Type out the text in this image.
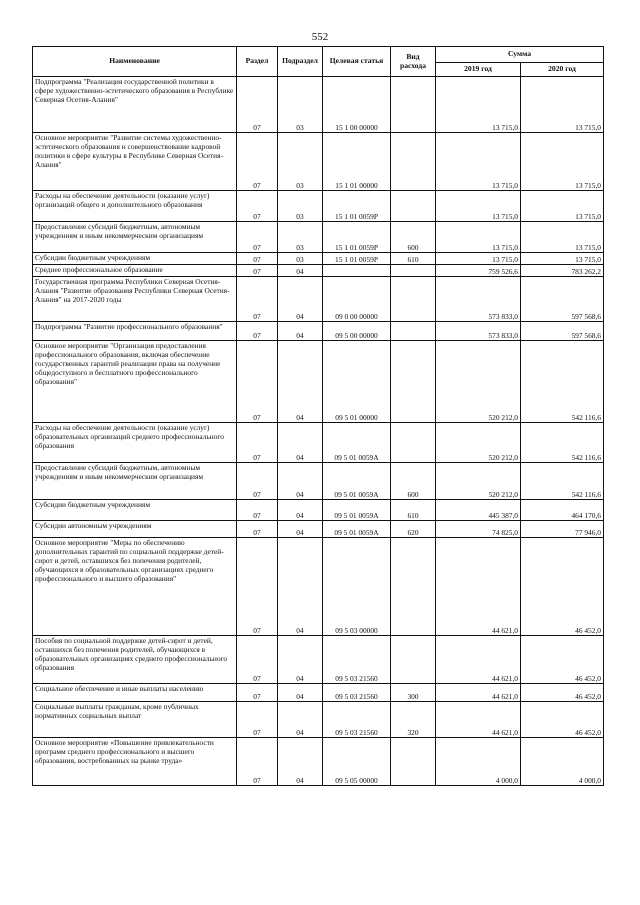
552
Наименование	Раздел	Подраздел	Целевая статья	Вид расхода	Сумма	
					2019 год	2020 год
Подпрограмма "Реализация государственной политики в сфере художественно-эстетического образования в Республике Северная Осетия-Алания"	07	03	15 1 00 00000		13 715,0	13 715,0
Основное мероприятие "Развитие системы художественно-эстетического образования и совершенствование кадровой политики в сфере культуры в Республике Северная Осетия-Алания"	07	03	15 1 01 00000		13 715,0	13 715,0
Расходы на обеспечение деятельности (оказание услуг) организаций общего и дополнительного образования	07	03	15 1 01 0059Р		13 715,0	13 715,0
Предоставление субсидий бюджетным, автономным учреждениям и иным некоммерческим организациям	07	03	15 1 01 0059Р	600	13 715,0	13 715,0
Субсидии бюджетным учреждениям	07	03	15 1 01 0059Р	610	13 715,0	13 715,0
Среднее профессиональное образование	07	04			759 526,6	783 262,2
Государственная программа Республики Северная Осетия-Алания "Развитие образования Республики Северная Осетия-Алания" на 2017-2020 годы	07	04	09 0 00 00000		573 833,0	597 568,6
Подпрограмма "Развитие профессионального образования"	07	04	09 5 00 00000		573 833,0	597 568,6
Основное мероприятие "Организация предоставления профессионального образования, включая обеспечение государственных гарантий реализации права на получение общедоступного и бесплатного профессионального образования"	07	04	09 5 01 00000		520 212,0	542 116,6
Расходы на обеспечение деятельности (оказание услуг) образовательных организаций среднего профессионального образования	07	04	09 5 01 0059А		520 212,0	542 116,6
Предоставление субсидий бюджетным, автономным учреждениям и иным некоммерческим организациям	07	04	09 5 01 0059А	600	520 212,0	542 116,6
Субсидии бюджетным учреждениям	07	04	09 5 01 0059А	610	445 387,0	464 170,6
Субсидии автономным учреждениям	07	04	09 5 01 0059А	620	74 825,0	77 946,0
Основное мероприятие "Меры по обеспечению дополнительных гарантий по социальной поддержке детей-сирот и детей, оставшихся без попечения родителей, обучающихся в образовательных организациях среднего профессионального и высшего образования"	07	04	09 5 03 00000		44 621,0	46 452,0
Пособия по социальной поддержке детей-сирот и детей, оставшихся без попечения родителей, обучающихся в образовательных организациях среднего профессионального образования	07	04	09 5 03 21560		44 621,0	46 452,0
Социальное обеспечение и иные выплаты населению	07	04	09 5 03 21560	300	44 621,0	46 452,0
Социальные выплаты гражданам, кроме публичных нормативных социальных выплат	07	04	09 5 03 21560	320	44 621,0	46 452,0
Основное мероприятие «Повышение привлекательности программ среднего профессионального и высшего образования, востребованных на рынке труда»	07	04	09 5 05 00000		4 000,0	4 000,0
